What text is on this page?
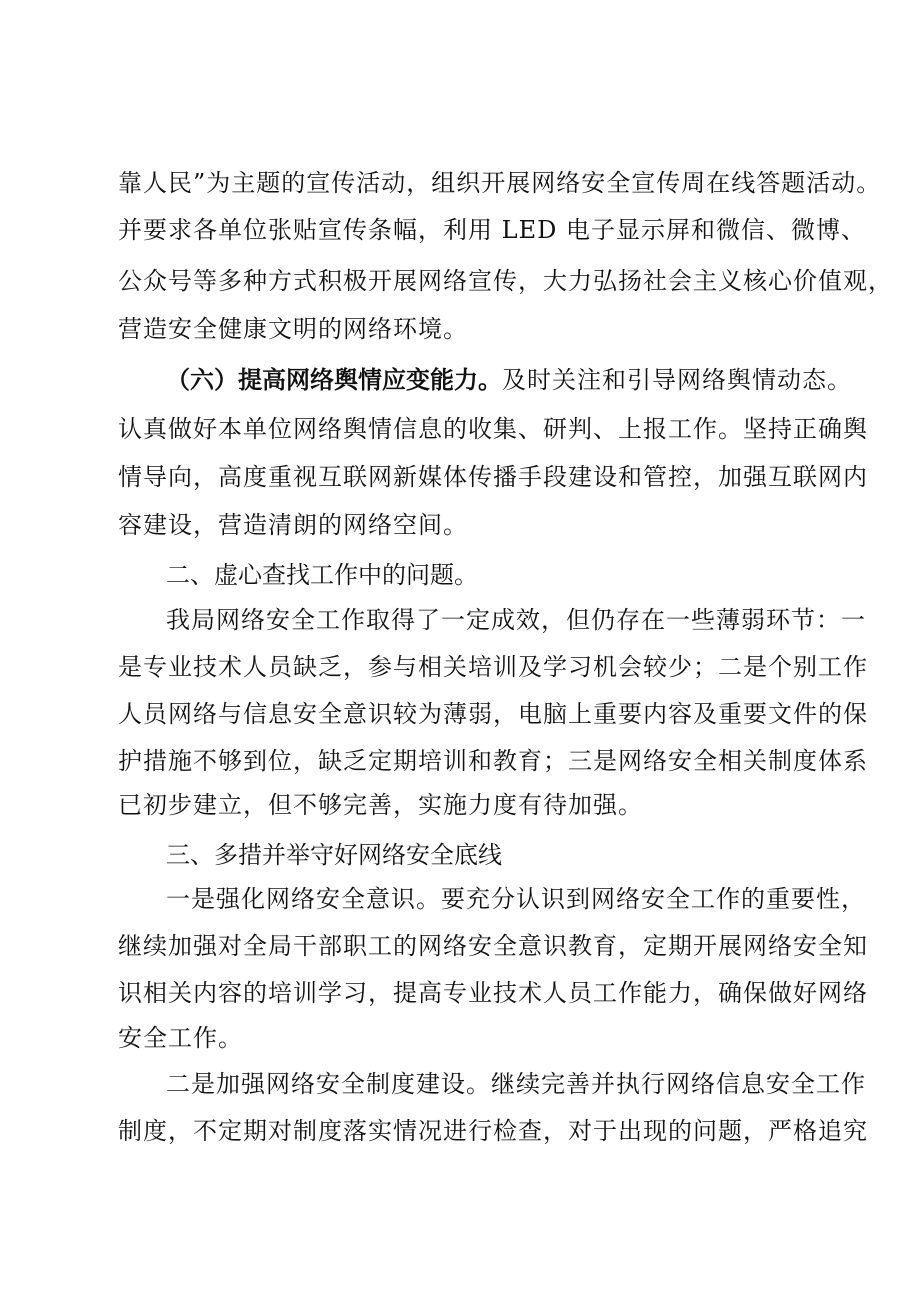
靠人民”为主题的宣传活动，组织开展网络安全宣传周在线答题活动。
并要求各单位张贴宣传条幅，利用 LED 电子显示屏和微信、微博、
公众号等多种方式积极开展网络宣传，大力弘扬社会主义核心价值观，
营造安全健康文明的网络环境。
（六）提高网络舆情应变能力。及时关注和引导网络舆情动态。
认真做好本单位网络舆情信息的收集、研判、上报工作。坚持正确舆
情导向，高度重视互联网新媒体传播手段建设和管控，加强互联网内
容建设，营造清朗的网络空间。
二、虚心查找工作中的问题。
我局网络安全工作取得了一定成效，但仍存在一些薄弱环节：一
是专业技术人员缺乏，参与相关培训及学习机会较少；二是个别工作
人员网络与信息安全意识较为薄弱，电脑上重要内容及重要文件的保
护措施不够到位，缺乏定期培训和教育；三是网络安全相关制度体系
已初步建立，但不够完善，实施力度有待加强。
三、多措并举守好网络安全底线
一是强化网络安全意识。要充分认识到网络安全工作的重要性，
继续加强对全局干部职工的网络安全意识教育，定期开展网络安全知
识相关内容的培训学习，提高专业技术人员工作能力，确保做好网络
安全工作。
二是加强网络安全制度建设。继续完善并执行网络信息安全工作
制度，不定期对制度落实情况进行检查，对于出现的问题，严格追究
